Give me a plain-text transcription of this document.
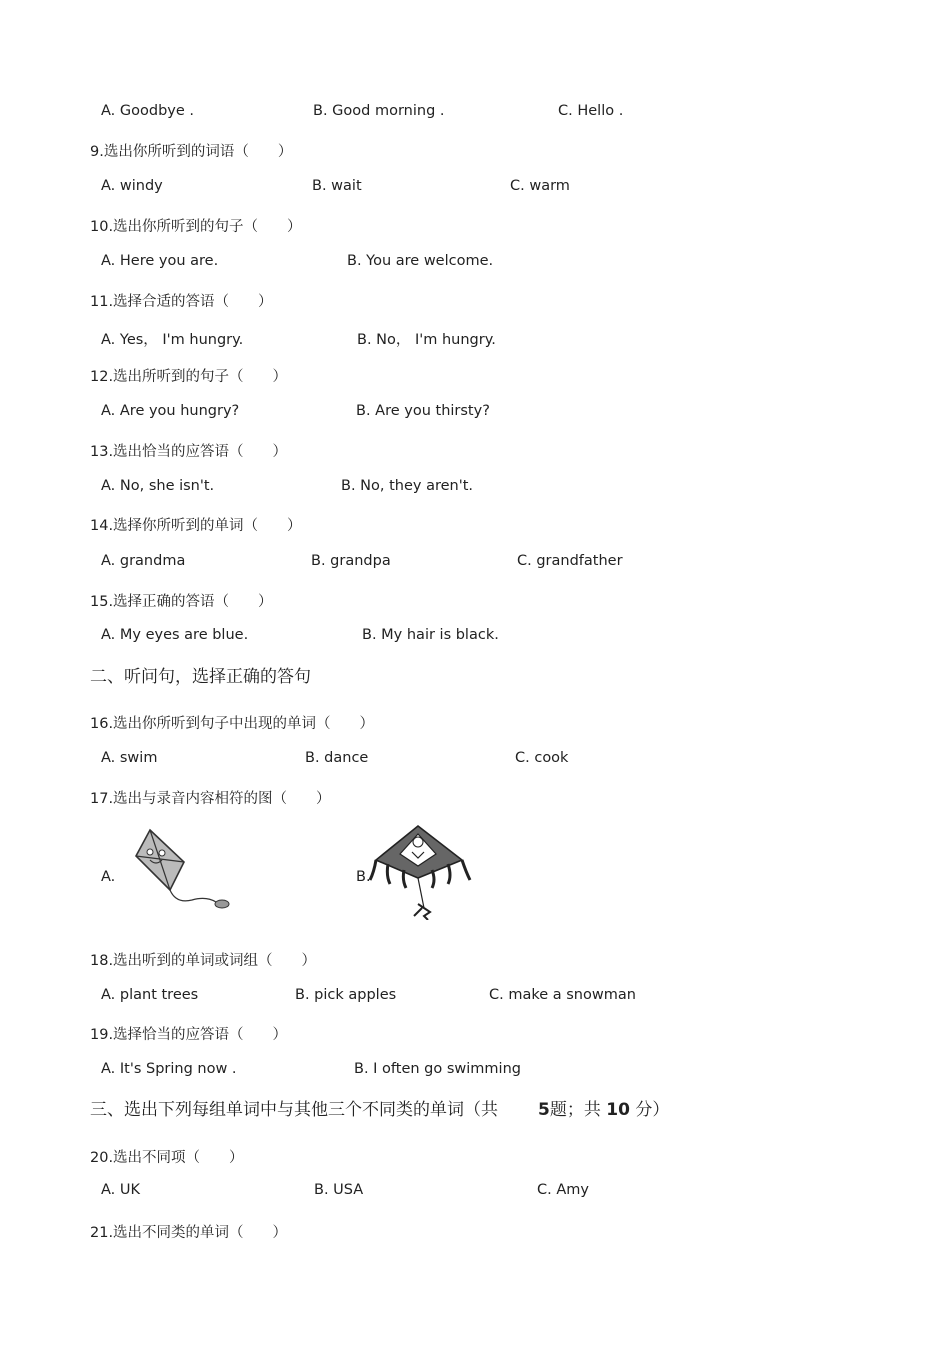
A. Goodbye .	B. Good morning .	C. Hello .
9.选出你所听到的词语（　　）
A. windy	B. wait	C. warm
10.选出你所听到的句子（　　）
A. Here you are.	B. You are welcome.
11.选择合适的答语（　　）
A. Yes， I'm hungry.	B. No， I'm hungry.
12.选出所听到的句子（　　）
A. Are you hungry?	B. Are you thirsty?
13.选出恰当的应答语（　　）
A. No, she isn't.	B. No, they aren't.
14.选择你所听到的单词（　　）
A. grandma	B. grandpa	C. grandfather
15.选择正确的答语（　　）
A. My eyes are blue.	B. My hair is black.
二、听问句，选择正确的答句
16.选出你所听到句子中出现的单词（　　）
A. swim	B. dance	C. cook
17.选出与录音内容相符的图（　　）
A.	B.
18.选出听到的单词或词组（　　）
A. plant trees	B. pick apples	C. make a snowman
19.选择恰当的应答语（　　）
A. It's Spring now .	B. I often go swimming
三、选出下列每组单词中与其他三个不同类的单词（共 5题；共 10 分）
20.选出不同项（　　）
A. UK	B. USA	C. Amy
21.选出不同类的单词（　　）
